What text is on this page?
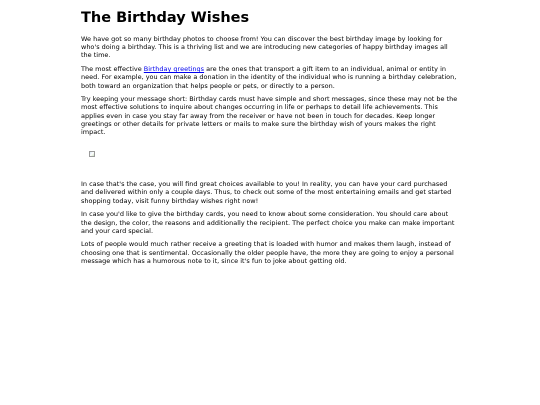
The Birthday Wishes

We have got so many birthday photos to choose from! You can discover the best birthday image by looking for who's doing a birthday. This is a thriving list and we are introducing new categories of happy birthday images all the time.

The most effective Birthday greetings are the ones that transport a gift item to an individual, animal or entity in need. For example, you can make a donation in the identity of the individual who is running a birthday celebration, both toward an organization that helps people or pets, or directly to a person.

Try keeping your message short: Birthday cards must have simple and short messages, since these may not be the most effective solutions to inquire about changes occurring in life or perhaps to detail life achievements. This applies even in case you stay far away from the receiver or have not been in touch for decades. Keep longer greetings or other details for private letters or mails to make sure the birthday wish of yours makes the right impact.

In case that's the case, you will find great choices available to you! In reality, you can have your card purchased and delivered within only a couple days. Thus, to check out some of the most entertaining emails and get started shopping today, visit funny birthday wishes right now!

In case you'd like to give the birthday cards, you need to know about some consideration. You should care about the design, the color, the reasons and additionally the recipient. The perfect choice you make can make important and your card special.

Lots of people would much rather receive a greeting that is loaded with humor and makes them laugh, instead of choosing one that is sentimental. Occasionally the older people have, the more they are going to enjoy a personal message which has a humorous note to it, since it's fun to joke about getting old.
